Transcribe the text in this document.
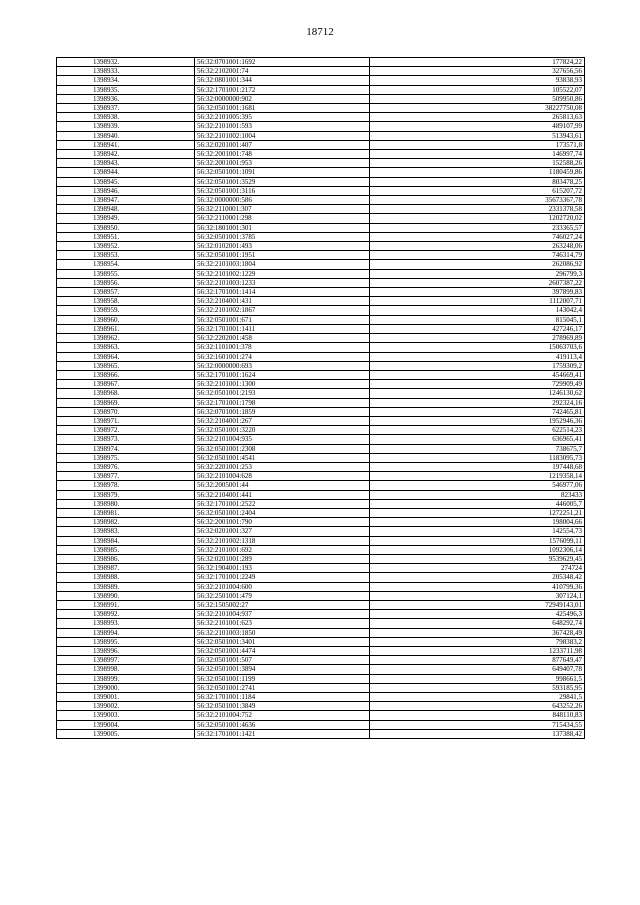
18712
1398932.	56:32:0701001:1692	177824,22
1398933.	56:32:2102001:74	327656,56
1398934.	56:32:0801001:344	93838,93
1398935.	56:32:1701001:2172	105522,07
1398936.	56:32:0000000:902	509950,86
1398937.	56:32:0501001:1681	38227750,08
1398938.	56:32:2101005:395	265813,63
1398939.	56:32:2101001:593	489107,99
1398940.	56:32:2101002:1004	513943,61
1398941.	56:32:0201001:407	173571,8
1398942.	56:32:2001001:748	146997,74
1398943.	56:32:2001001:953	152588,26
1398944.	56:32:0501001:1091	1180459,86
1398945.	56:32:0501001:3529	803478,25
1398946.	56:32:0501001:3116	615207,72
1398947.	56:32:0000000:586	35673367,78
1398948.	56:32:2110001:307	2331378,58
1398949.	56:32:2110001:298	1202720,02
1398950.	56:32:1801001:301	233365,57
1398951.	56:32:0501001:3785	746027,24
1398952.	56:32:0102001:493	263248,06
1398953.	56:32:0501001:1951	746314,79
1398954.	56:32:2101003:1804	262086,92
1398955.	56:32:2101002:1229	296799,3
1398956.	56:32:2101003:1233	2607387,22
1398957.	56:32:1701001:1414	397899,83
1398958.	56:32:2104001:431	1112007,71
1398959.	56:32:2101002:1867	143042,4
1398960.	56:32:0501001:671	815045,1
1398961.	56:32:1701001:1411	427246,17
1398962.	56:32:2202001:458	278969,89
1398963.	56:32:1101001:378	15063703,6
1398964.	56:32:1601001:274	419113,4
1398965.	56:32:0000000:693	1759309,2
1398966.	56:32:1701001:1624	454669,41
1398967.	56:32:2101001:1300	729909,49
1398968.	56:32:0501001:2193	1246130,62
1398969.	56:32:1701001:1798	292324,16
1398970.	56:32:0701001:1859	742465,81
1398971.	56:32:2104001:267	1952946,36
1398972.	56:32:0501001:3220	622514,23
1398973.	56:32:2101004:935	636965,41
1398974.	56:32:0501001:2308	738675,7
1398975.	56:32:0501001:4541	1183095,73
1398976.	56:32:2201001:253	197448,68
1398977.	56:32:2101004:628	1219358,14
1398978.	56:32:2005001:44	546977,06
1398979.	56:32:2104001:441	823433
1398980.	56:32:1701001:2522	446005,7
1398981.	56:32:0501001:2404	1272251,21
1398982.	56:32:2001001:790	198004,66
1398983.	56:32:0201001:327	142554,73
1398984.	56:32:2101002:1318	1576099,11
1398985.	56:32:2101001:692	1092306,14
1398986.	56:32:0201001:289	9539629,45
1398987.	56:32:1904001:193	274724
1398988.	56:32:1701001:2249	205348,42
1398989.	56:32:2101004:600	410799,36
1398990.	56:32:2501001:479	307124,1
1398991.	56:32:1505002:27	72949143,01
1398992.	56:32:2101004:937	425496,3
1398993.	56:32:2101001:623	648292,74
1398994.	56:32:2101003:1850	367428,49
1398995.	56:32:0501001:3401	798383,2
1398996.	56:32:0501001:4474	1233711,98
1398997.	56:32:0501001:507	877649,47
1398998.	56:32:0501001:3894	649407,78
1398999.	56:32:0501001:1199	998661,5
1399000.	56:32:0501001:2741	593185,95
1399001.	56:32:1701001:1184	29841,5
1399002.	56:32:0501001:3849	643252,26
1399003.	56:32:2101004:752	848110,83
1399004.	56:32:0501001:4636	715434,55
1399005.	56:32:1701001:1421	137388,42
